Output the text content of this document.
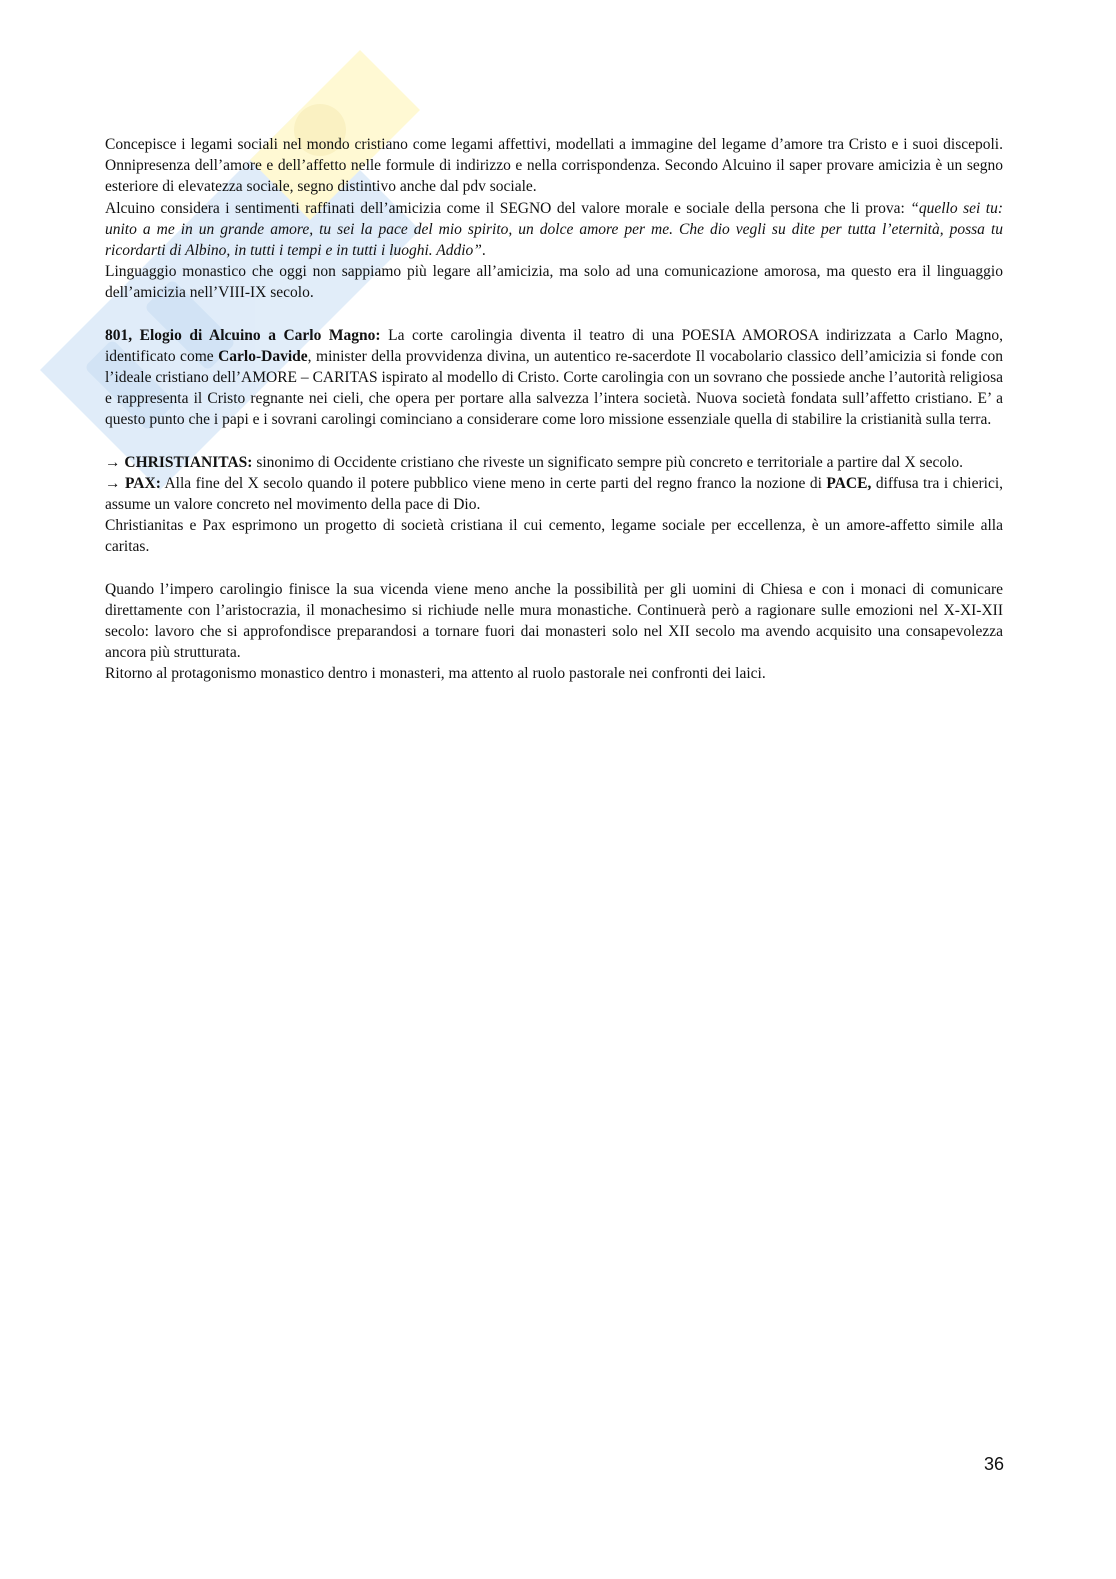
Concepisce i legami sociali nel mondo cristiano come legami affettivi, modellati a immagine del legame d’amore tra Cristo e i suoi discepoli. Onnipresenza dell’amore e dell’affetto nelle formule di indirizzo e nella corrispondenza. Secondo Alcuino il saper provare amicizia è un segno esteriore di elevatezza sociale, segno distintivo anche dal pdv sociale.

Alcuino considera i sentimenti raffinati dell’amicizia come il SEGNO del valore morale e sociale della persona che li prova: “quello sei tu: unito a me in un grande amore, tu sei la pace del mio spirito, un dolce amore per me. Che dio vegli su dite per tutta l’eternità, possa tu ricordarti di Albino, in tutti i tempi e in tutti i luoghi. Addio”.

Linguaggio monastico che oggi non sappiamo più legare all’amicizia, ma solo ad una comunicazione amorosa, ma questo era il linguaggio dell’amicizia nell’VIII-IX secolo.

801, Elogio di Alcuino a Carlo Magno: La corte carolingia diventa il teatro di una POESIA AMOROSA indirizzata a Carlo Magno, identificato come Carlo-Davide, minister della provvidenza divina, un autentico re-sacerdote Il vocabolario classico dell’amicizia si fonde con l’ideale cristiano dell’AMORE – CARITAS ispirato al modello di Cristo. Corte carolingia con un sovrano che possiede anche l’autorità religiosa e rappresenta il Cristo regnante nei cieli, che opera per portare alla salvezza l’intera società. Nuova società fondata sull’affetto cristiano. E’ a questo punto che i papi e i sovrani carolingi cominciano a considerare come loro missione essenziale quella di stabilire la cristianità sulla terra.

→ CHRISTIANITAS: sinonimo di Occidente cristiano che riveste un significato sempre più concreto e territoriale a partire dal X secolo.

→ PAX: Alla fine del X secolo quando il potere pubblico viene meno in certe parti del regno franco la nozione di PACE, diffusa tra i chierici, assume un valore concreto nel movimento della pace di Dio.

Christianitas e Pax esprimono un progetto di società cristiana il cui cemento, legame sociale per eccellenza, è un amore-affetto simile alla caritas.

Quando l’impero carolingio finisce la sua vicenda viene meno anche la possibilità per gli uomini di Chiesa e con i monaci di comunicare direttamente con l’aristocrazia, il monachesimo si richiude nelle mura monastiche. Continuerà però a ragionare sulle emozioni nel X-XI-XII secolo: lavoro che si approfondisce preparandosi a tornare fuori dai monasteri solo nel XII secolo ma avendo acquisito una consapevolezza ancora più strutturata.

Ritorno al protagonismo monastico dentro i monasteri, ma attento al ruolo pastorale nei confronti dei laici.

36
